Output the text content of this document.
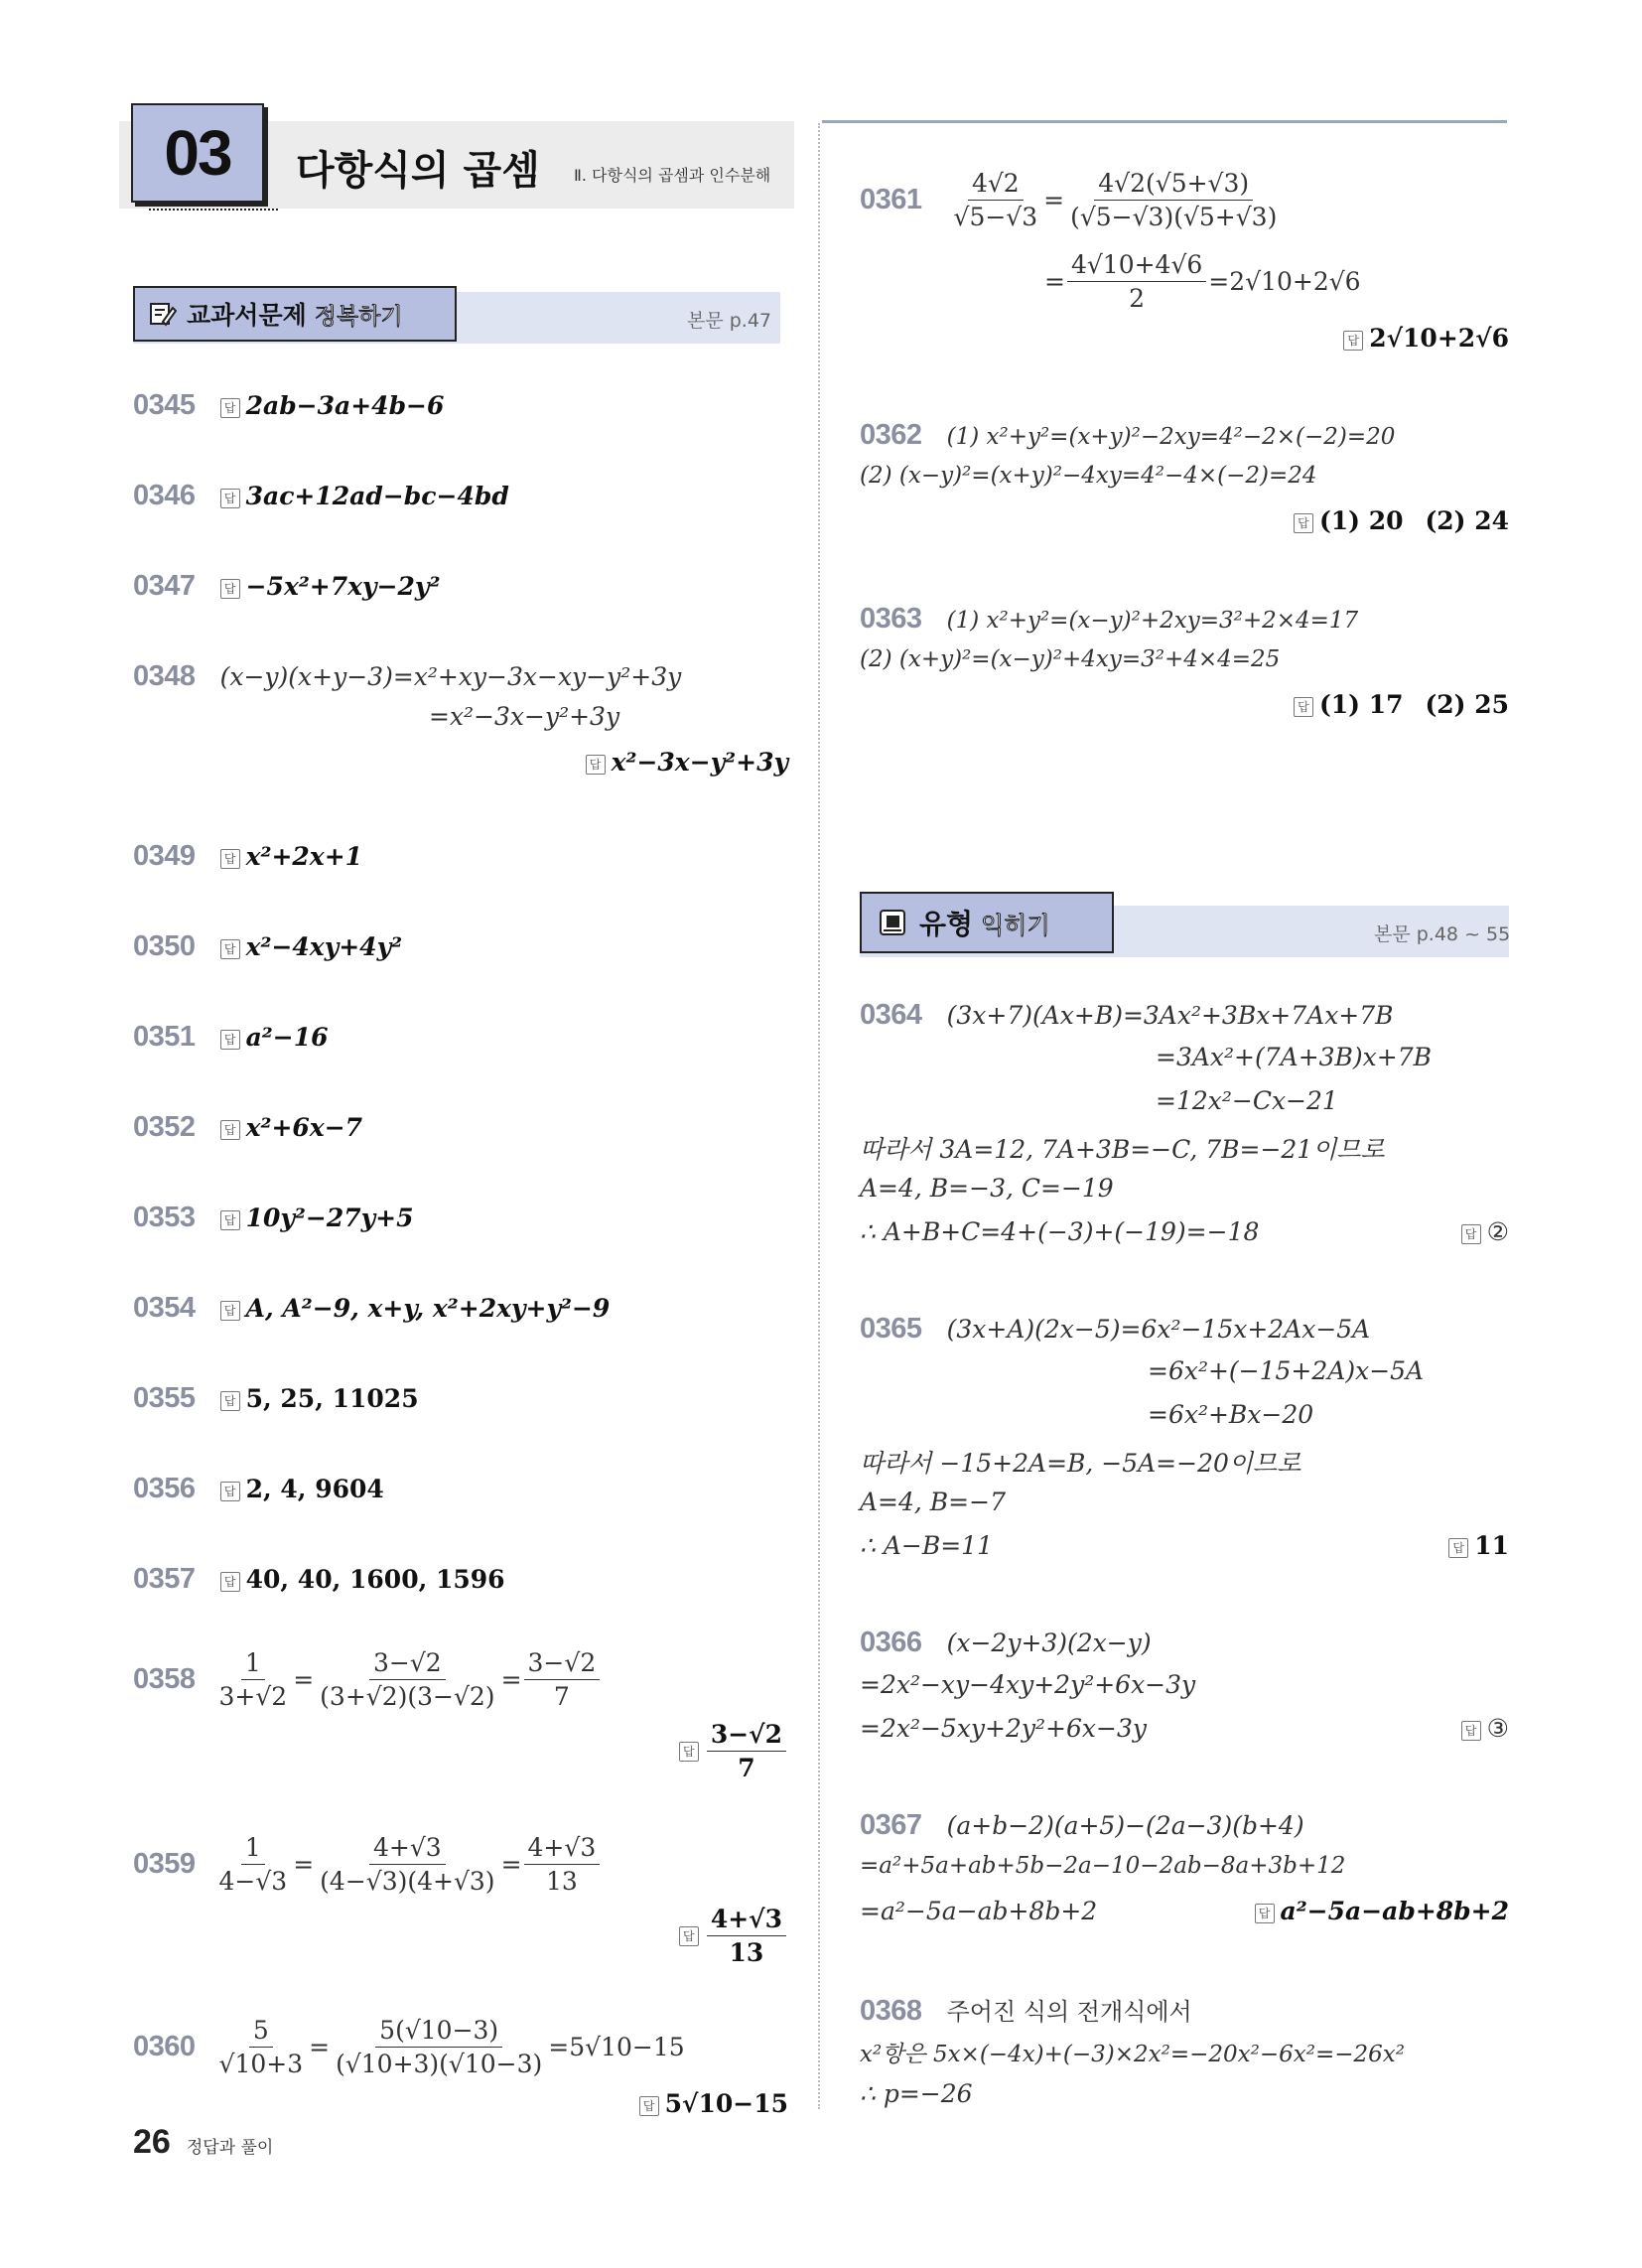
03 다항식의 곱셈 Ⅱ. 다항식의 곱셈과 인수분해
교과서문제 정복하기	본문 p.47
0345 답 2ab−3a+4b−6
0346 답 3ac+12ad−bc−4bd
0347 답 −5x²+7xy−2y²
0348 (x−y)(x+y−3)=x²+xy−3x−xy−y²+3y
=x²−3x−y²+3y
답 x²−3x−y²+3y
0349 답 x²+2x+1
0350 답 x²−4xy+4y²
0351 답 a²−16
0352 답 x²+6x−7
0353 답 10y²−27y+5
0354 답 A, A²−9, x+y, x²+2xy+y²−9
0355 답 5, 25, 11025
0356 답 2, 4, 9604
0357 답 40, 40, 1600, 1596
$0358 \frac{1}{3+√2} = \frac{3-√2}{(3+√2)(3-√2)} = \frac{3-√2}{7}$
답 $\frac{3-√2}{7}$
$0359 \frac{1}{4-√3} = \frac{4+√3}{(4-√3)(4+√3)} = \frac{4+√3}{13}$
답 $\frac{4+√3}{13}$
$0360 \frac{5}{√10+3} = \frac{5(√10-3)}{(√10+3)(√10-3)} =5√10-15$
답 5√10−15
$0361 \frac{4√2}{√5-√3} = \frac{4√2(√5+√3)}{(√5-√3)(√5+√3)}$
= $\frac{4√10+4√6}{2} =2√10+2√6$
답 2√10+2√6
0362 (1) x²+y²=(x+y)²−2xy=4²−2×(−2)=20
(2) (x−y)²=(x+y)²−4xy=4²−4×(−2)=24
답 (1) 20 (2) 24
0363 (1) x²+y²=(x−y)²+2xy=3²+2×4=17
(2) (x+y)²=(x−y)²+4xy=3²+4×4=25
답 (1) 17 (2) 25
유형 익히기	본문 p.48 ~ 55
0364 (3x+7)(Ax+B)=3Ax²+3Bx+7Ax+7B
=3Ax²+(7A+3B)x+7B
=12x²−Cx−21
따라서 3A=12, 7A+3B=−C, 7B=−21이므로
A=4, B=−3, C=−19
∴ A+B+C=4+(−3)+(−19)=−18	답 ②
0365 (3x+A)(2x−5)=6x²−15x+2Ax−5A
=6x²+(−15+2A)x−5A
=6x²+Bx−20
따라서 −15+2A=B, −5A=−20이므로
A=4, B=−7
∴ A−B=11	답 11
0366 (x−2y+3)(2x−y)
=2x²−xy−4xy+2y²+6x−3y
=2x²−5xy+2y²+6x−3y	답 ③
0367 (a+b−2)(a+5)−(2a−3)(b+4)
=a²+5a+ab+5b−2a−10−2ab−8a+3b+12
=a²−5a−ab+8b+2	답 a²−5a−ab+8b+2
0368 주어진 식의 전개식에서
x²항은 5x×(−4x)+(−3)×2x²=−20x²−6x²=−26x²
∴ p=−26
26 정답과 풀이
